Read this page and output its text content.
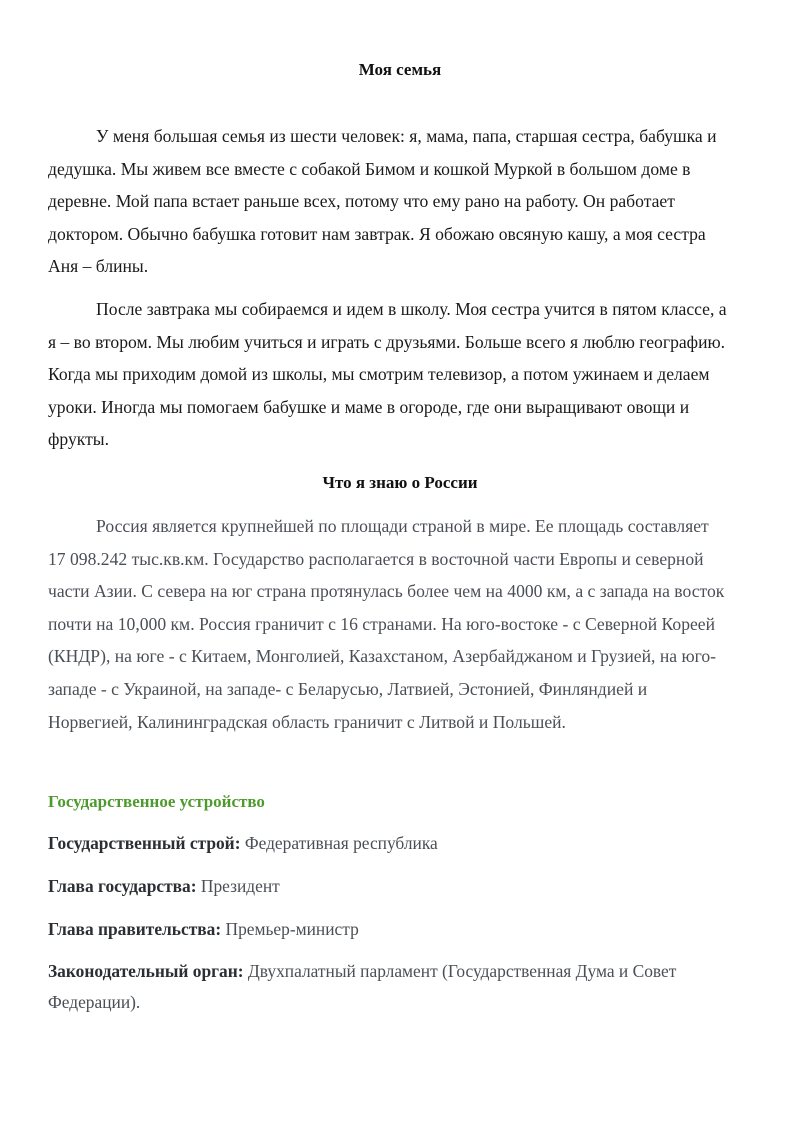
Моя семья

У меня большая семья из шести человек: я, мама, папа, старшая сестра, бабушка и дедушка. Мы живем все вместе с собакой Бимом и кошкой Муркой в большом доме в деревне. Мой папа встает раньше всех, потому что ему рано на работу. Он работает доктором. Обычно бабушка готовит нам завтрак. Я обожаю овсяную кашу, а моя сестра Аня – блины.

После завтрака мы собираемся и идем в школу. Моя сестра учится в пятом классе, а я – во втором. Мы любим учиться и играть с друзьями. Больше всего я люблю географию. Когда мы приходим домой из школы, мы смотрим телевизор, а потом ужинаем и делаем уроки. Иногда мы помогаем бабушке и маме в огороде, где они выращивают овощи и фрукты.

Что я знаю о России

Россия является крупнейшей по площади страной в мире. Ее площадь составляет 17 098.242 тыс.кв.км. Государство располагается в восточной части Европы и северной части Азии. С севера на юг страна протянулась более чем на 4000 км, а с запада на восток почти на 10,000 км. Россия граничит с 16 странами. На юго-востоке - с Северной Кореей (КНДР), на юге - с Китаем, Монголией, Казахстаном, Азербайджаном и Грузией, на юго-западе - с Украиной, на западе- с Беларусью, Латвией, Эстонией, Финляндией и Норвегией, Калининградская область граничит с Литвой и Польшей.

Государственное устройство

Государственный строй: Федеративная республика

Глава государства: Президент

Глава правительства: Премьер-министр

Законодательный орган: Двухпалатный парламент (Государственная Дума и Совет Федерации).
